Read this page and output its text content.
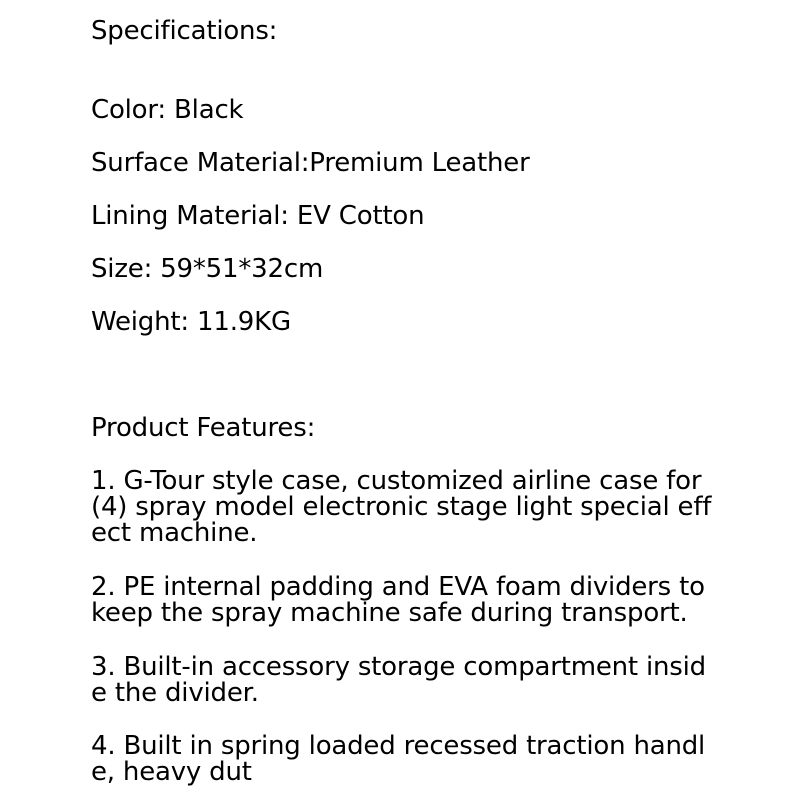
Specifications:

Color: Black

Surface Material:Premium Leather

Lining Material: EV Cotton

Size: 59*51*32cm

Weight: 11.9KG

Product Features:

1. G-Tour style case, customized airline case for
(4) spray model electronic stage light special eff
ect machine.

2. PE internal padding and EVA foam dividers to
keep the spray machine safe during transport.

3. Built-in accessory storage compartment insid
e the divider.

4. Built in spring loaded recessed traction handl
e, heavy dut
